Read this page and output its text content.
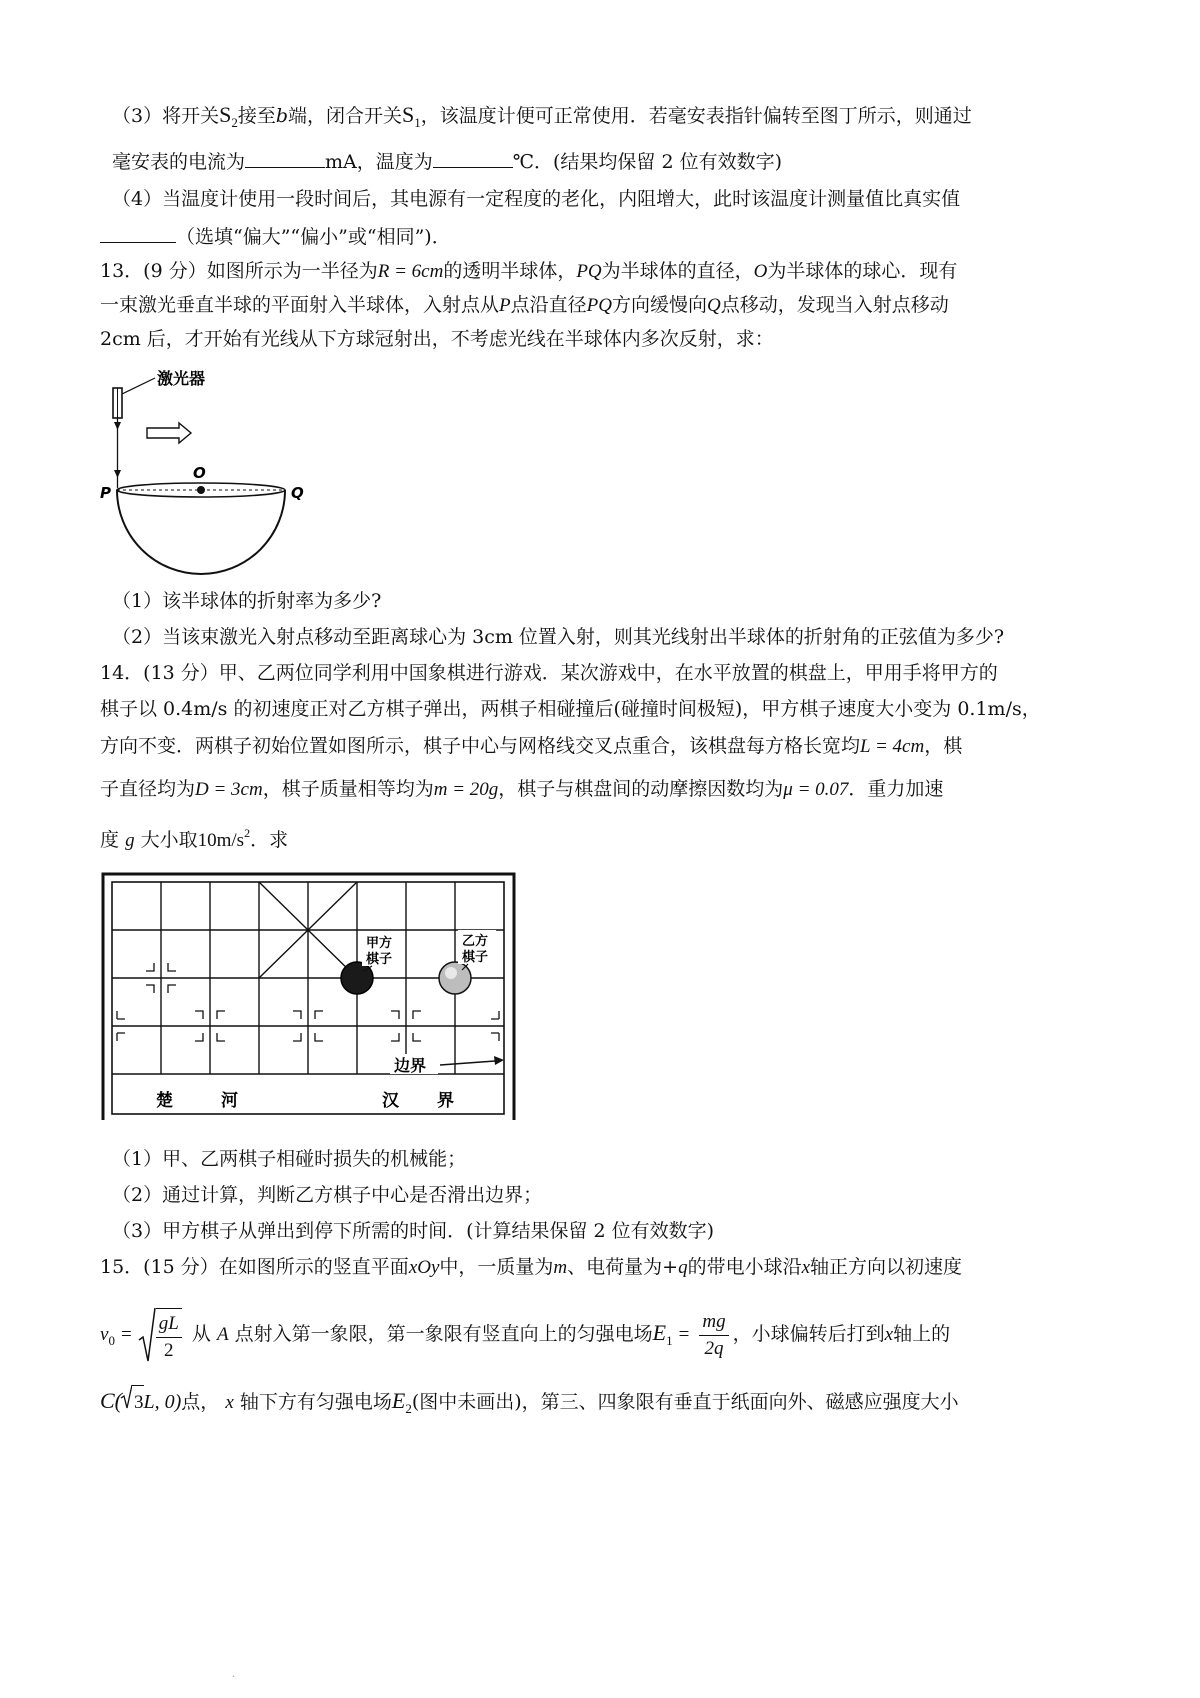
（3）将开关$S_2$接至b端，闭合开关$S_1$，该温度计便可正常使用．若毫安表指针偏转至图丁所示，则通过
毫安表的电流为	mA，温度为	℃．(结果均保留 2 位有效数字)
（4）当温度计使用一段时间后，其电源有一定程度的老化，内阻增大，此时该温度计测量值比真实值
（选填“偏大”“偏小”或“相同”)．
13．(9 分）如图所示为一半径为R = 6cm的透明半球体，PQ为半球体的直径，O为半球体的球心．现有
一束激光垂直半球的平面射入半球体，入射点从P点沿直径PQ方向缓慢向Q点移动，发现当入射点移动
2cm 后，才开始有光线从下方球冠射出，不考虑光线在半球体内多次反射，求：
激光器
O
P	Q
（1）该半球体的折射率为多少?
（2）当该束激光入射点移动至距离球心为 3cm 位置入射，则其光线射出半球体的折射角的正弦值为多少?
14．(13 分）甲、乙两位同学利用中国象棋进行游戏．某次游戏中，在水平放置的棋盘上，甲用手将甲方的
棋子以 0.4m/s 的初速度正对乙方棋子弹出，两棋子相碰撞后(碰撞时间极短)，甲方棋子速度大小变为 0.1m/s，
方向不变．两棋子初始位置如图所示，棋子中心与网格线交叉点重合，该棋盘每方格长宽均L = 4cm，棋
子直径均为D = 3cm，棋子质量相等均为m = 20g，棋子与棋盘间的动摩擦因数均为μ = 0.07．重力加速
度 g 大小取$10m/s^2$．求
甲方
棋子
乙方
棋子
边界
楚	河	汉 界
（1）甲、乙两棋子相碰时损失的机械能；
（2）通过计算，判断乙方棋子中心是否滑出边界；
（3）甲方棋子从弹出到停下所需的时间．(计算结果保留 2 位有效数字)
15．(15 分）在如图所示的竖直平面xOy中，一质量为m、电荷量为+q的带电小球沿x轴正方向以初速度
$v_0 = \frac{gL}{2}$ 从 A 点射入第一象限，第一象限有竖直向上的匀强电场$E_1 = \frac{mg}{2q}$ ，小球偏转后打到x轴上的
C( 3L, 0)点， x 轴下方有匀强电场$E_2$(图中未画出)，第三、四象限有垂直于纸面向外、磁感应强度大小
·
